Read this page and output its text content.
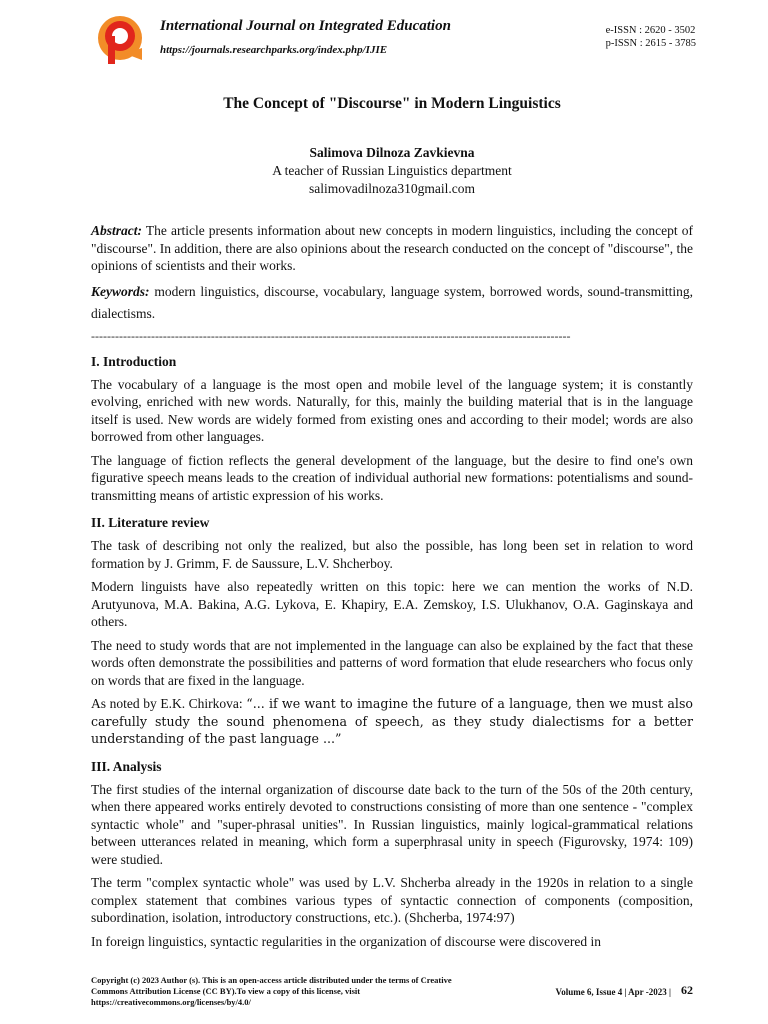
International Journal on Integrated Education
https://journals.researchparks.org/index.php/IJIE
e-ISSN : 2620 - 3502
p-ISSN : 2615 - 3785
The Concept of "Discourse" in Modern Linguistics
Salimova Dilnoza Zavkievna
A teacher of Russian Linguistics department
salimovadilnoza310gmail.com

Abstract: The article presents information about new concepts in modern linguistics, including the concept of "discourse". In addition, there are also opinions about the research conducted on the concept of "discourse", the opinions of scientists and their works.

Keywords: modern linguistics, discourse, vocabulary, language system, borrowed words, sound-transmitting, dialectisms.

------------------------------------------------------------------------------------------------------------------------
I. Introduction

The vocabulary of a language is the most open and mobile level of the language system; it is constantly evolving, enriched with new words. Naturally, for this, mainly the building material that is in the language itself is used. New words are widely formed from existing ones and according to their model; words are also borrowed from other languages.

The language of fiction reflects the general development of the language, but the desire to find one's own figurative speech means leads to the creation of individual authorial new formations: potentialisms and sound-transmitting means of artistic expression of his works.

II. Literature review

The task of describing not only the realized, but also the possible, has long been set in relation to word formation by J. Grimm, F. de Saussure, L.V. Shcherboy.

Modern linguists have also repeatedly written on this topic: here we can mention the works of N.D. Arutyunova, M.A. Bakina, A.G. Lykova, E. Khapiry, E.A. Zemskoy, I.S. Ulukhanov, O.A. Gaginskaya and others.

The need to study words that are not implemented in the language can also be explained by the fact that these words often demonstrate the possibilities and patterns of word formation that elude researchers who focus only on words that are fixed in the language.

As noted by E.K. Chirkova: “... if we want to imagine the future of a language, then we must also carefully study the sound phenomena of speech, as they study dialectisms for a better understanding of the past language ...”

III. Analysis

The first studies of the internal organization of discourse date back to the turn of the 50s of the 20th century, when there appeared works entirely devoted to constructions consisting of more than one sentence - "complex syntactic whole" and "super-phrasal unities". In Russian linguistics, mainly logical-grammatical relations between utterances related in meaning, which form a superphrasal unity in speech (Figurovsky, 1974: 109) were studied.

The term "complex syntactic whole" was used by L.V. Shcherba already in the 1920s in relation to a single complex statement that combines various types of syntactic connection of components (composition, subordination, isolation, introductory constructions, etc.). (Shcherba, 1974:97)

In foreign linguistics, syntactic regularities in the organization of discourse were discovered in

Copyright (c) 2023 Author (s). This is an open-access article distributed under the terms of Creative Commons Attribution License (CC BY).To view a copy of this license, visit https://creativecommons.org/licenses/by/4.0/
Volume 6, Issue 4 | Apr -2023 | 62
